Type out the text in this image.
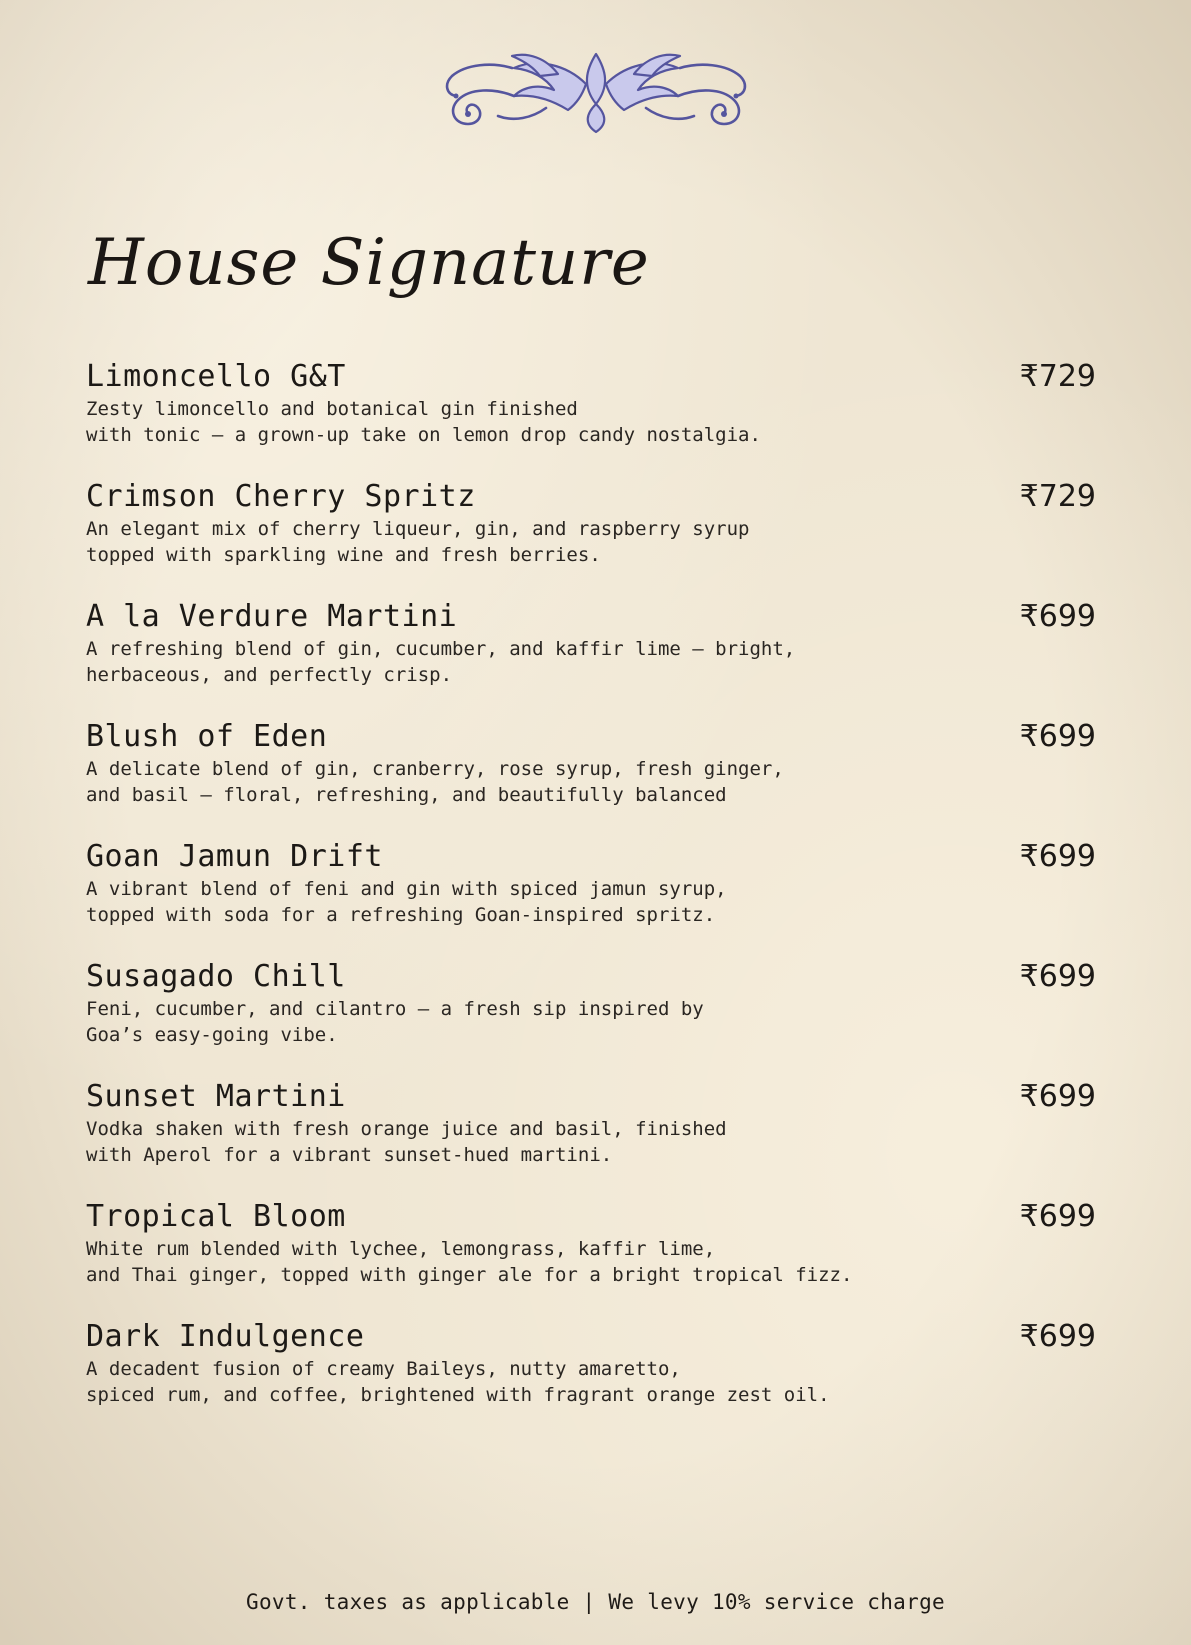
House Signature
Limoncello G&T	₹729
Zesty limoncello and botanical gin finished
with tonic – a grown-up take on lemon drop candy nostalgia.
Crimson Cherry Spritz	₹729
An elegant mix of cherry liqueur, gin, and raspberry syrup
topped with sparkling wine and fresh berries.
A la Verdure Martini	₹699
A refreshing blend of gin, cucumber, and kaffir lime – bright,
herbaceous, and perfectly crisp.
Blush of Eden	₹699
A delicate blend of gin, cranberry, rose syrup, fresh ginger,
and basil – floral, refreshing, and beautifully balanced
Goan Jamun Drift	₹699
A vibrant blend of feni and gin with spiced jamun syrup,
topped with soda for a refreshing Goan-inspired spritz.
Susagado Chill	₹699
Feni, cucumber, and cilantro – a fresh sip inspired by
Goa’s easy-going vibe.
Sunset Martini	₹699
Vodka shaken with fresh orange juice and basil, finished
with Aperol for a vibrant sunset-hued martini.
Tropical Bloom	₹699
White rum blended with lychee, lemongrass, kaffir lime,
and Thai ginger, topped with ginger ale for a bright tropical fizz.
Dark Indulgence	₹699
A decadent fusion of creamy Baileys, nutty amaretto,
spiced rum, and coffee, brightened with fragrant orange zest oil.
Govt. taxes as applicable | We levy 10% service charge
